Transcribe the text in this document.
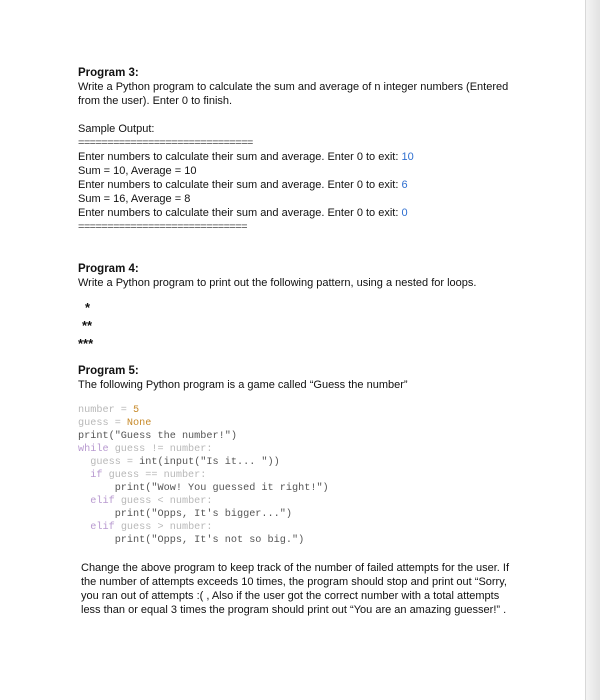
Program 3:

Write a Python program to calculate the sum and average of n integer numbers (Entered

from the user). Enter 0 to finish.

Sample Output:

==============================

Enter numbers to calculate their sum and average. Enter 0 to exit: 10

Sum = 10, Average = 10

Enter numbers to calculate their sum and average. Enter 0 to exit: 6

Sum = 16, Average = 8

Enter numbers to calculate their sum and average. Enter 0 to exit: 0

=============================

Program 4:

Write a Python program to print out the following pattern, using a nested for loops.

*

**

***

Program 5:

The following Python program is a game called “Guess the number”

number = 5

guess = None

print("Guess the number!")

while guess != number:

guess = int(input("Is it... "))

if guess == number:

print("Wow! You guessed it right!")

elif guess < number:

print("Opps, It's bigger...")

elif guess > number:

print("Opps, It's not so big.")

Change the above program to keep track of the number of failed attempts for the user. If

the number of attempts exceeds 10 times, the program should stop and print out “Sorry,

you ran out of attempts :( , Also if the user got the correct number with a total attempts

less than or equal 3 times the program should print out “You are an amazing guesser!” .
